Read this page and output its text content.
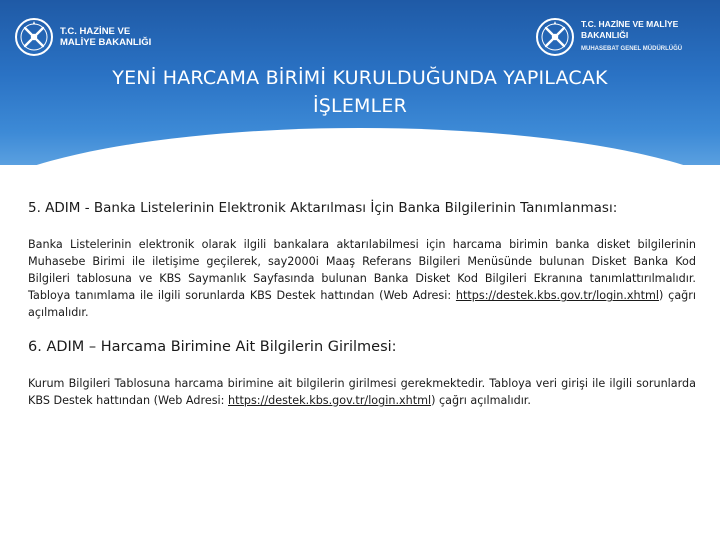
T.C. HAZİNE VE
MALİYE BAKANLIĞI
T.C. HAZİNE VE MALİYE BAKANLIĞI
MUHASEBAT GENEL MÜDÜRLÜĞÜ
YENİ HARCAMA BİRİMİ KURULDUĞUNDA YAPILACAK
İŞLEMLER

5. ADIM - Banka Listelerinin Elektronik Aktarılması İçin Banka Bilgilerinin Tanımlanması:

Banka Listelerinin elektronik olarak ilgili bankalara aktarılabilmesi için harcama birimin banka disket bilgilerinin Muhasebe Birimi ile iletişime geçilerek, say2000i Maaş Referans Bilgileri Menüsünde bulunan Disket Banka Kod Bilgileri tablosuna ve KBS Saymanlık Sayfasında bulunan Banka Disket Kod Bilgileri Ekranına tanımlattırılmalıdır. Tabloya tanımlama ile ilgili sorunlarda KBS Destek hattından (Web Adresi: https://destek.kbs.gov.tr/login.xhtml) çağrı açılmalıdır.

6. ADIM – Harcama Birimine Ait Bilgilerin Girilmesi:

Kurum Bilgileri Tablosuna harcama birimine ait bilgilerin girilmesi gerekmektedir. Tabloya veri girişi ile ilgili sorunlarda KBS Destek hattından (Web Adresi: https://destek.kbs.gov.tr/login.xhtml) çağrı açılmalıdır.
